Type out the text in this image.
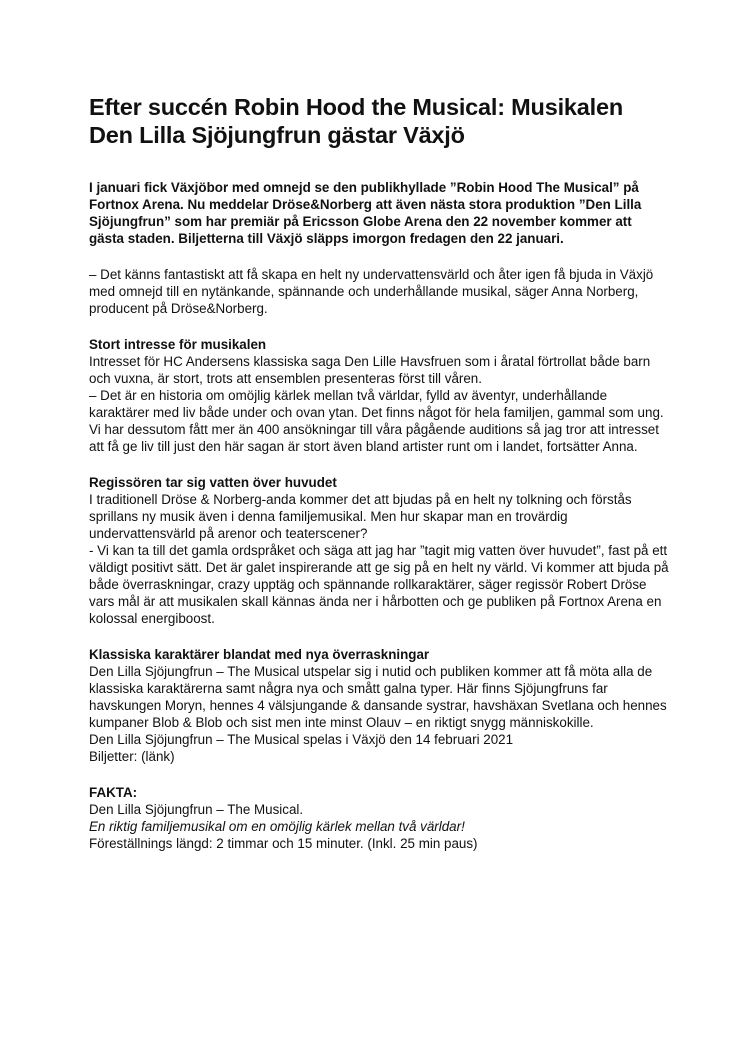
Efter succén Robin Hood the Musical: Musikalen Den Lilla Sjöjungfrun gästar Växjö

I januari fick Växjöbor med omnejd se den publikhyllade ”Robin Hood The Musical” på Fortnox Arena. Nu meddelar Dröse&Norberg att även nästa stora produktion ”Den Lilla Sjöjungfrun” som har premiär på Ericsson Globe Arena den 22 november kommer att gästa staden. Biljetterna till Växjö släpps imorgon fredagen den 22 januari.

– Det känns fantastiskt att få skapa en helt ny undervattensvärld och åter igen få bjuda in Växjö med omnejd till en nytänkande, spännande och underhållande musikal, säger Anna Norberg, producent på Dröse&Norberg.

Stort intresse för musikalen

Intresset för HC Andersens klassiska saga Den Lille Havsfruen som i åratal förtrollat både barn och vuxna, är stort, trots att ensemblen presenteras först till våren.

– Det är en historia om omöjlig kärlek mellan två världar, fylld av äventyr, underhållande karaktärer med liv både under och ovan ytan. Det finns något för hela familjen, gammal som ung. Vi har dessutom fått mer än 400 ansökningar till våra pågående auditions så jag tror att intresset att få ge liv till just den här sagan är stort även bland artister runt om i landet, fortsätter Anna.

Regissören tar sig vatten över huvudet

I traditionell Dröse & Norberg-anda kommer det att bjudas på en helt ny tolkning och förstås sprillans ny musik även i denna familjemusikal. Men hur skapar man en trovärdig undervattensvärld på arenor och teaterscener?

- Vi kan ta till det gamla ordspråket och säga att jag har ”tagit mig vatten över huvudet”, fast på ett väldigt positivt sätt. Det är galet inspirerande att ge sig på en helt ny värld. Vi kommer att bjuda på både överraskningar, crazy upptäg och spännande rollkaraktärer, säger regissör Robert Dröse vars mål är att musikalen skall kännas ända ner i hårbotten och ge publiken på Fortnox Arena en kolossal energiboost.

Klassiska karaktärer blandat med nya överraskningar

Den Lilla Sjöjungfrun – The Musical utspelar sig i nutid och publiken kommer att få möta alla de klassiska karaktärerna samt några nya och smått galna typer. Här finns Sjöjungfruns far havskungen Moryn, hennes 4 välsjungande & dansande systrar, havshäxan Svetlana och hennes kumpaner Blob & Blob och sist men inte minst Olauv – en riktigt snygg människokille.

Den Lilla Sjöjungfrun – The Musical spelas i Växjö den 14 februari 2021

Biljetter: (länk)

FAKTA:

Den Lilla Sjöjungfrun – The Musical.

En riktig familjemusikal om en omöjlig kärlek mellan två världar!

Föreställnings längd: 2 timmar och 15 minuter. (Inkl. 25 min paus)
